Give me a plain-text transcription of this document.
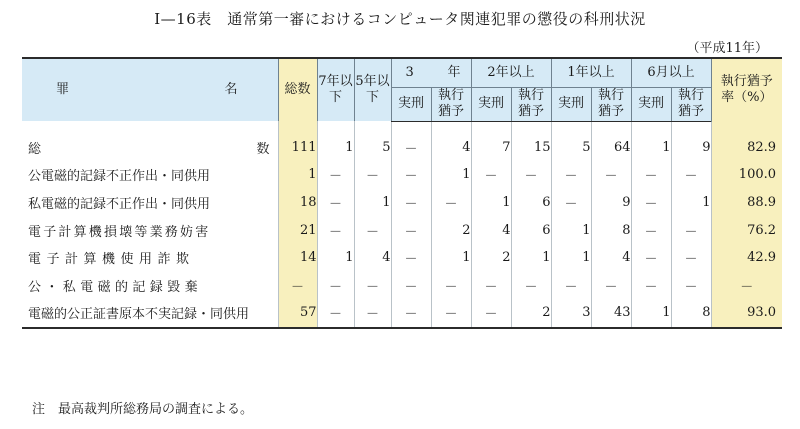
Ⅰ—16表　通常第一審におけるコンピュータ関連犯罪の懲役の科刑状況
（平成11年）
罪 名	総数	7年以下	5年以下	3 年		2年以上		1年以上		6月以上		執行猶予率（%）
				実刑	執行猶予	実刑	執行猶予	実刑	執行猶予	実刑	執行猶予	

総 数	111	1	5	－	4	7	15	5	64	1	9	82.9
公電磁的記録不正作出・同供用	1	－	－	－	1	－	－	－	－	－	－	100.0
私電磁的記録不正作出・同供用	18	－	1	－	－	1	6	－	9	－	1	88.9
電子計算機損壊等業務妨害	21	－	－	－	2	4	6	1	8	－	－	76.2
電子計算機使用詐欺	14	1	4	－	1	2	1	1	4	－	－	42.9
公・私電磁的記録毀棄	－	－	－	－	－	－	－	－	－	－	－	－
電磁的公正証書原本不実記録・同供用	57	－	－	－	－	－	2	3	43	1	8	93.0
注　最高裁判所総務局の調査による。
